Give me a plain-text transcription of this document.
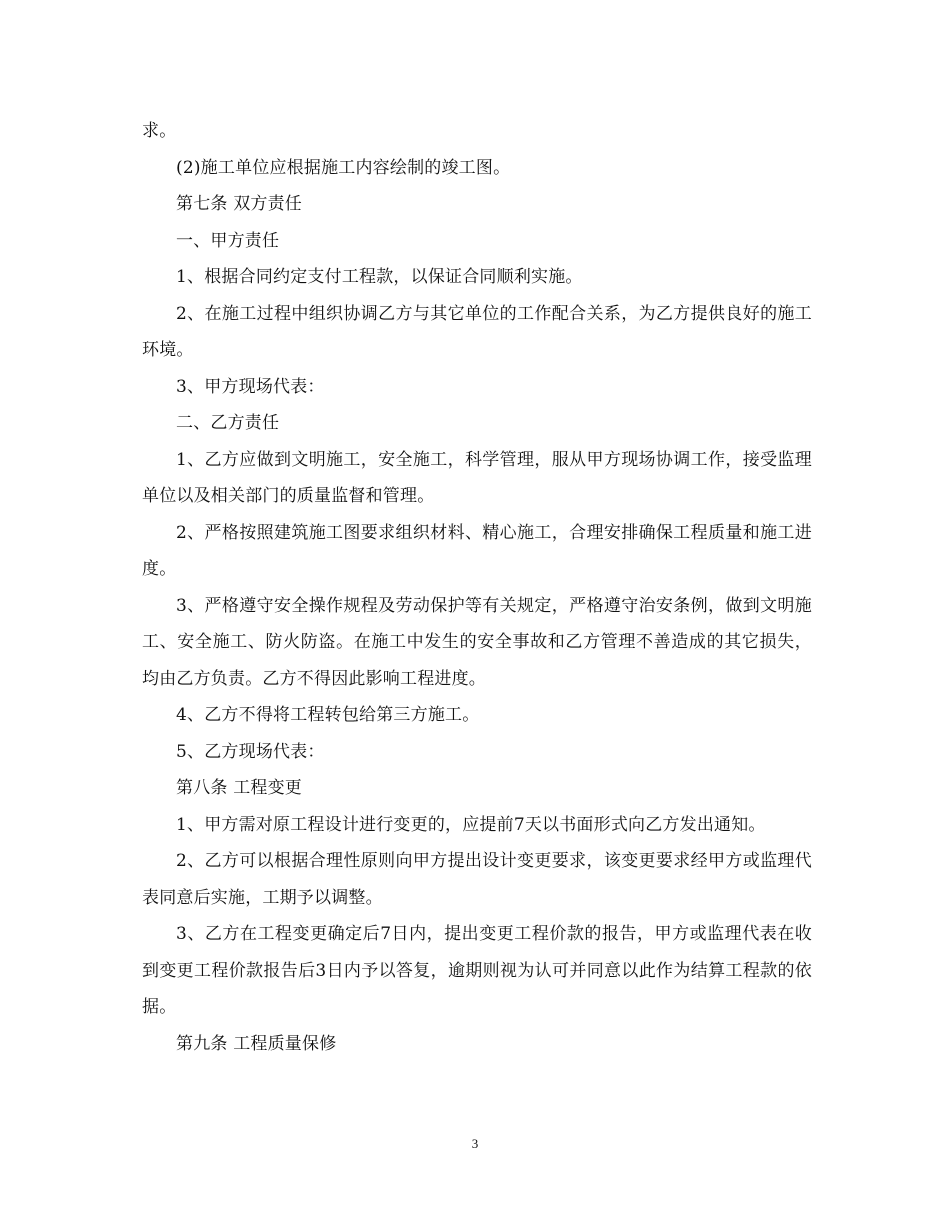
求。

(2)施工单位应根据施工内容绘制的竣工图。

第七条 双方责任

一、甲方责任

1、根据合同约定支付工程款，以保证合同顺利实施。

2、在施工过程中组织协调乙方与其它单位的工作配合关系，为乙方提供良好的施工环境。

3、甲方现场代表：

二、乙方责任

1、乙方应做到文明施工，安全施工，科学管理，服从甲方现场协调工作，接受监理单位以及相关部门的质量监督和管理。

2、严格按照建筑施工图要求组织材料、精心施工，合理安排确保工程质量和施工进度。

3、严格遵守安全操作规程及劳动保护等有关规定，严格遵守治安条例，做到文明施工、安全施工、防火防盗。在施工中发生的安全事故和乙方管理不善造成的其它损失，均由乙方负责。乙方不得因此影响工程进度。

4、乙方不得将工程转包给第三方施工。

5、乙方现场代表：

第八条 工程变更

1、甲方需对原工程设计进行变更的，应提前7天以书面形式向乙方发出通知。

2、乙方可以根据合理性原则向甲方提出设计变更要求，该变更要求经甲方或监理代表同意后实施，工期予以调整。

3、乙方在工程变更确定后7日内，提出变更工程价款的报告，甲方或监理代表在收到变更工程价款报告后3日内予以答复，逾期则视为认可并同意以此作为结算工程款的依据。

第九条 工程质量保修

3
